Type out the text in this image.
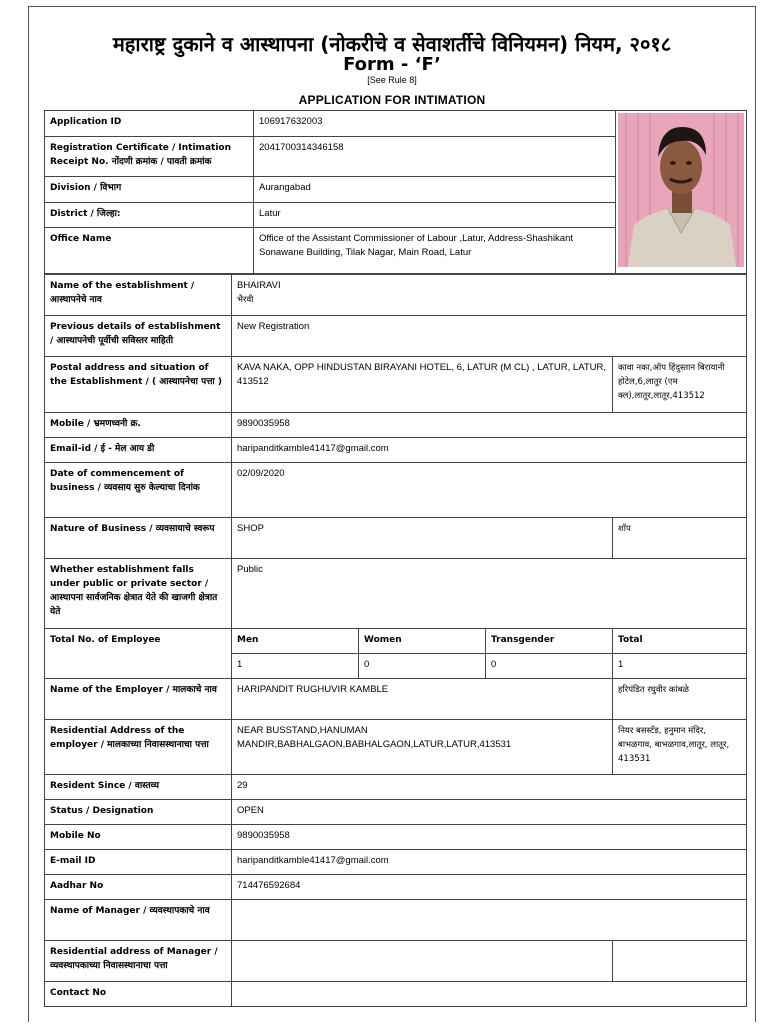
महाराष्ट्र दुकाने व आस्थापना (नोकरीचे व सेवाशर्तीचे विनियमन) नियम, २०१८
Form - ‘F’
[See Rule 8]
APPLICATION FOR INTIMATION
Application ID	106917632003	

Registration Certificate / Intimation Receipt No. नोंदणी क्रमांक / पावती क्रमांक	2041700314346158	
Division / विभाग	Aurangabad	
District / जिल्हा:	Latur	
Office Name	Office of the Assistant Commissioner of Labour ,Latur, Address-Shashikant Sonawane Building, Tilak Nagar, Main Road, Latur	
Name of the establishment / आस्थापनेचे नाव	BHAIRAVI
भैरवी			

Previous details of establishment / आस्थापनेची पूर्वीची सविस्तर माहिती	New Registration			
Postal address and situation of the Establishment / ( आस्थापनेचा पत्ता )	KAVA NAKA, OPP HINDUSTAN BIRAYANI HOTEL, 6, LATUR (M CL) , LATUR, LATUR, 413512			कावा नका,ऑप हिंदुस्तान बिरायानी होटेल,6,लातूर (एम क्ल),लातूर,लातूर,413512
Mobile / भ्रमणध्वनी क्र.	9890035958			
Email-id / ई - मेल आय डी	haripanditkamble41417@gmail.com			
Date of commencement of business / व्यवसाय सुरु केल्याचा दिनांक	02/09/2020			
Nature of Business / व्यवसायाचे स्वरूप	SHOP			शॉप
Whether establishment falls under public or private sector / आस्थापना सार्वजनिक क्षेत्रात येते की खाजगी क्षेत्रात येते	Public			
Total No. of Employee	Men	Women	Transgender	Total
	1	0	0	1
Name of the Employer / मालकाचे नाव	HARIPANDIT RUGHUVIR KAMBLE			हरिपंडित रघुवीर कांबळे
Residential Address of the employer / मालकाच्या निवासस्थानाचा पत्ता	NEAR BUSSTAND,HANUMAN MANDIR,BABHALGAON,BABHALGAON,LATUR,LATUR,413531			नियर बसस्टॅंड, हनुमान मंदिर, बाभळगाव, बाभळगाव,लातूर, लातूर, 413531
Resident Since / वास्तव्य	29			
Status / Designation	OPEN			
Mobile No	9890035958			
E-mail ID	haripanditkamble41417@gmail.com			
Aadhar No	714476592684			
Name of Manager / व्यवस्थापकाचे नाव				
Residential address of Manager / व्यवस्थापकाच्या निवासस्थानाचा पत्ता				
Contact No				
